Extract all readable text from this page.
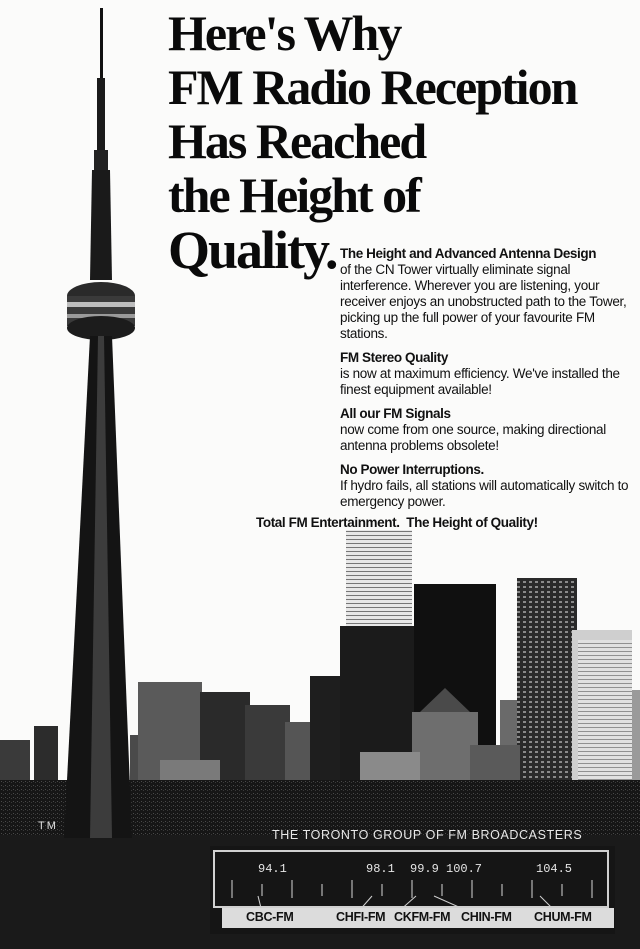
Here's Why
FM Radio Reception
Has Reached
the Height of
Quality. The Height and Advanced Antenna Design
of the CN Tower virtually eliminate signal interference. Wherever you are listening, your receiver enjoys an unobstructed path to the Tower, picking up the full power of your favourite FM stations.
FM Stereo Quality
is now at maximum efficiency. We've installed the finest equipment available!
All our FM Signals
now come from one source, making directional antenna problems obsolete!
No Power Interruptions.
If hydro fails, all stations will automatically switch to emergency power.
Total FM Entertainment. The Height of Quality!
TM
THE TORONTO GROUP OF FM BROADCASTERS
94.1	98.1 99.9 100.7	104.5
CBC-FM	CHFI-FM CKFM-FM CHIN-FM CHUM-FM
